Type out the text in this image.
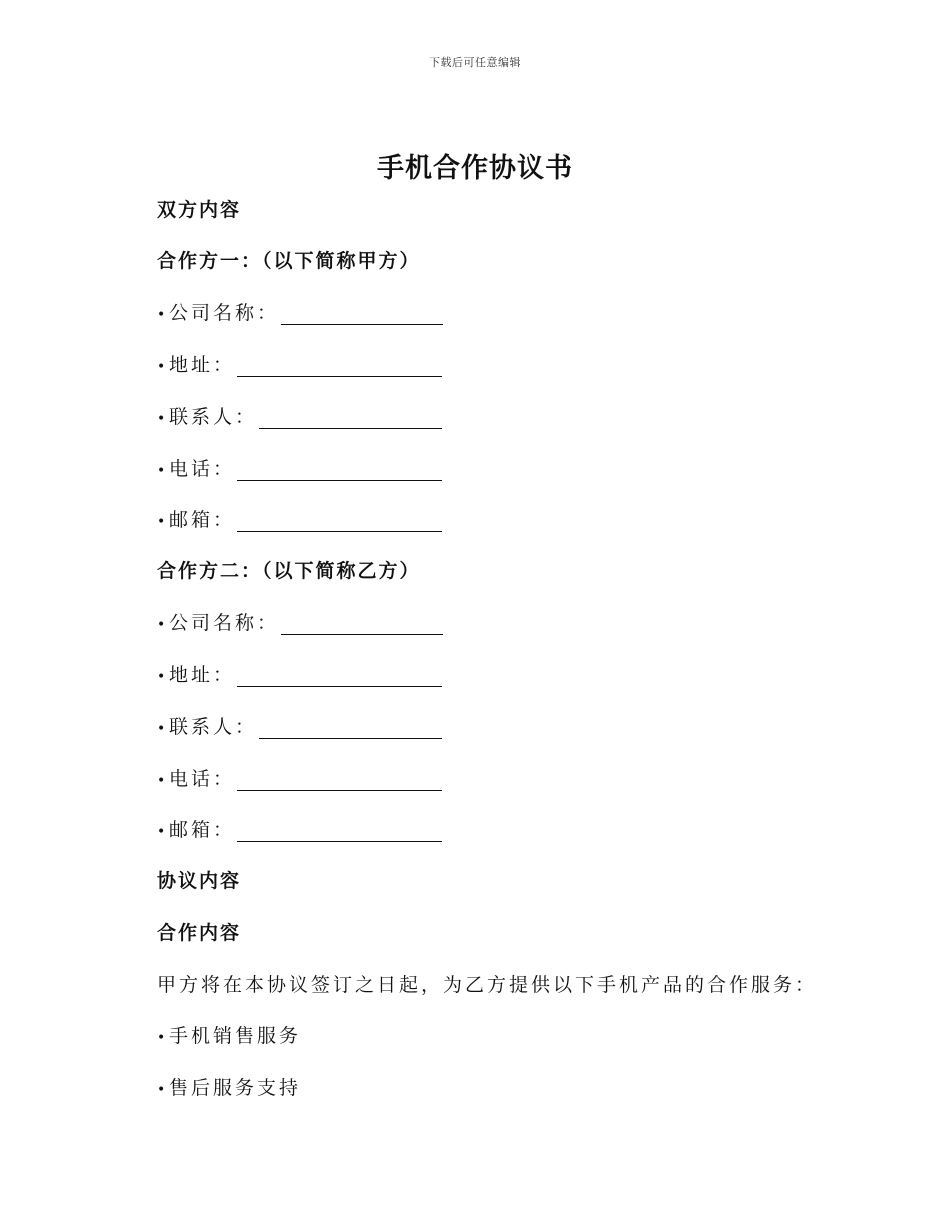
下载后可任意编辑
手机合作协议书
双方内容
合作方一：（以下简称甲方）
• 公司名称：
• 地址：
• 联系人：
• 电话：
• 邮箱：
合作方二：（以下简称乙方）
• 公司名称：
• 地址：
• 联系人：
• 电话：
• 邮箱：
协议内容
合作内容
甲方将在本协议签订之日起，为乙方提供以下手机产品的合作服务：
• 手机销售服务
• 售后服务支持
